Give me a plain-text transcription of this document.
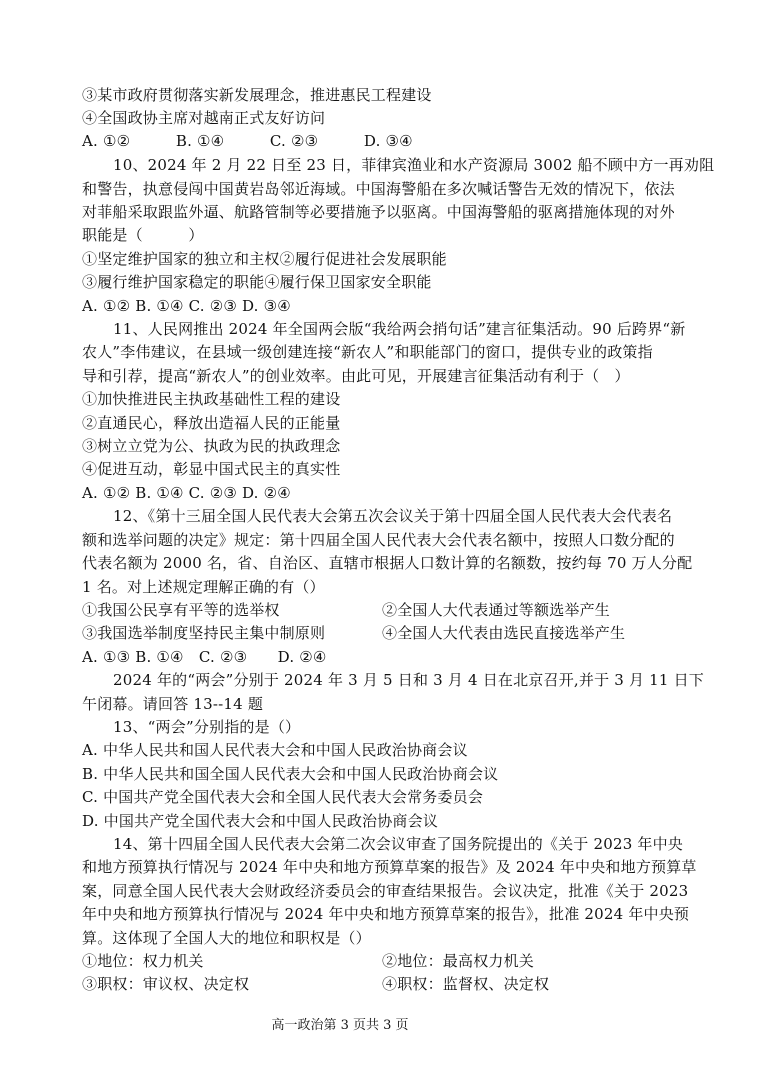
③某市政府贯彻落实新发展理念，推进惠民工程建设
④全国政协主席对越南正式友好访问
A. ①②　　　B. ①④　　　C. ②③　　　D. ③④
10、2024 年 2 月 22 日至 23 日，菲律宾渔业和水产资源局 3002 船不顾中方一再劝阻
和警告，执意侵闯中国黄岩岛邻近海域。中国海警船在多次喊话警告无效的情况下，依法
对菲船采取跟监外逼、航路管制等必要措施予以驱离。中国海警船的驱离措施体现的对外
职能是（　　　）
①坚定维护国家的独立和主权②履行促进社会发展职能
③履行维护国家稳定的职能④履行保卫国家安全职能
A. ①② B. ①④ C. ②③ D. ③④
11、人民网推出 2024 年全国两会版“我给两会捎句话”建言征集活动。90 后跨界“新
农人”李伟建议，在县域一级创建连接“新农人”和职能部门的窗口，提供专业的政策指
导和引荐，提高“新农人”的创业效率。由此可见，开展建言征集活动有利于（　）
①加快推进民主执政基础性工程的建设
②直通民心，释放出造福人民的正能量
③树立立党为公、执政为民的执政理念
④促进互动，彰显中国式民主的真实性
A. ①② B. ①④ C. ②③ D. ②④
12、《第十三届全国人民代表大会第五次会议关于第十四届全国人民代表大会代表名
额和选举问题的决定》规定：第十四届全国人民代表大会代表名额中，按照人口数分配的
代表名额为 2000 名，省、自治区、直辖市根据人口数计算的名额数，按约每 70 万人分配
1 名。对上述规定理解正确的有（）
①我国公民享有平等的选举权	②全国人大代表通过等额选举产生
③我国选举制度坚持民主集中制原则	④全国人大代表由选民直接选举产生
A. ①③ B. ①④　C. ②③　　D. ②④
2024 年的“两会”分别于 2024 年 3 月 5 日和 3 月 4 日在北京召开,并于 3 月 11 日下
午闭幕。请回答 13--14 题
13、“两会”分别指的是（）
A. 中华人民共和国人民代表大会和中国人民政治协商会议
B. 中华人民共和国全国人民代表大会和中国人民政治协商会议
C. 中国共产党全国代表大会和全国人民代表大会常务委员会
D. 中国共产党全国代表大会和中国人民政治协商会议
14、第十四届全国人民代表大会第二次会议审查了国务院提出的《关于 2023 年中央
和地方预算执行情况与 2024 年中央和地方预算草案的报告》及 2024 年中央和地方预算草
案，同意全国人民代表大会财政经济委员会的审查结果报告。会议决定，批准《关于 2023
年中央和地方预算执行情况与 2024 年中央和地方预算草案的报告》，批准 2024 年中央预
算。这体现了全国人大的地位和职权是（）
①地位：权力机关	②地位：最高权力机关
③职权：审议权、决定权	④职权：监督权、决定权
高一政治第 3 页共 3 页
